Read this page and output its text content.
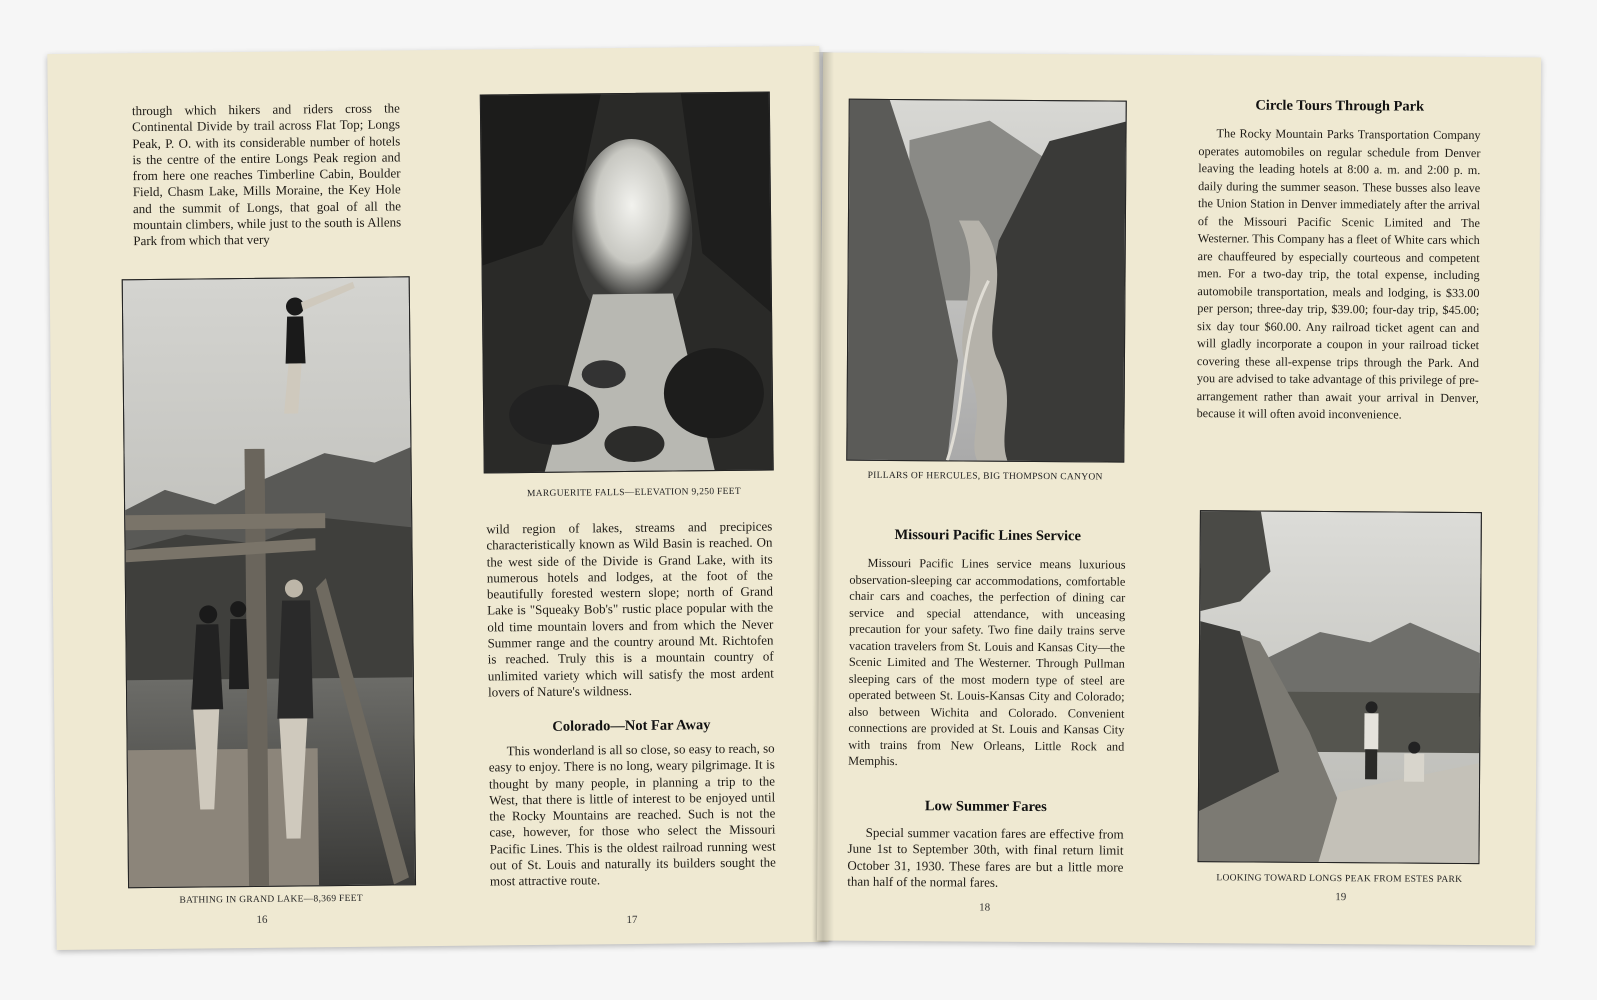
through which hikers and riders cross the Continental Divide by trail across Flat Top; Longs Peak, P. O. with its considerable number of hotels is the centre of the entire Longs Peak region and from here one reaches Timberline Cabin, Boulder Field, Chasm Lake, Mills Moraine, the Key Hole and the summit of Longs, that goal of all the mountain climbers, while just to the south is Allens Park from which that very

BATHING IN GRAND LAKE—8,369 FEET
16
MARGUERITE FALLS—ELEVATION 9,250 FEET

wild region of lakes, streams and precipices characteristically known as Wild Basin is reached. On the west side of the Divide is Grand Lake, with its numerous hotels and lodges, at the foot of the beautifully forested western slope; north of Grand Lake is "Squeaky Bob's" rustic place popular with the old time mountain lovers and from which the Never Summer range and the country around Mt. Richtofen is reached. Truly this is a mountain country of unlimited variety which will satisfy the most ardent lovers of Nature's wildness.

Colorado—Not Far Away

This wonderland is all so close, so easy to reach, so easy to enjoy. There is no long, weary pilgrimage. It is thought by many people, in planning a trip to the West, that there is little of interest to be enjoyed until the Rocky Mountains are reached. Such is not the case, however, for those who select the Missouri Pacific Lines. This is the oldest railroad running west out of St. Louis and naturally its builders sought the most attractive route.

17
PILLARS OF HERCULES, BIG THOMPSON CANYON
Missouri Pacific Lines Service

Missouri Pacific Lines service means luxurious observation-sleeping car accommodations, comfortable chair cars and coaches, the perfection of dining car service and special attendance, with unceasing precaution for your safety. Two fine daily trains serve vacation travelers from St. Louis and Kansas City—the Scenic Limited and The Westerner. Through Pullman sleeping cars of the most modern type of steel are operated between St. Louis-Kansas City and Colorado; also between Wichita and Colorado. Convenient connections are provided at St. Louis and Kansas City with trains from New Orleans, Little Rock and Memphis.

Low Summer Fares

Special summer vacation fares are effective from June 1st to September 30th, with final return limit October 31, 1930. These fares are but a little more than half of the normal fares.

18
Circle Tours Through Park

The Rocky Mountain Parks Transportation Company operates automobiles on regular schedule from Denver leaving the leading hotels at 8:00 a. m. and 2:00 p. m. daily during the summer season. These busses also leave the Union Station in Denver immediately after the arrival of the Missouri Pacific Scenic Limited and The Westerner. This Company has a fleet of White cars which are chauffeured by especially courteous and competent men. For a two-day trip, the total expense, including automobile transportation, meals and lodging, is $33.00 per person; three-day trip, $39.00; four-day trip, $45.00; six day tour $60.00. Any railroad ticket agent can and will gladly incorporate a coupon in your railroad ticket covering these all-expense trips through the Park. And you are advised to take advantage of this privilege of pre-arrangement rather than await your arrival in Denver, because it will often avoid inconvenience.

LOOKING TOWARD LONGS PEAK FROM ESTES PARK
19
